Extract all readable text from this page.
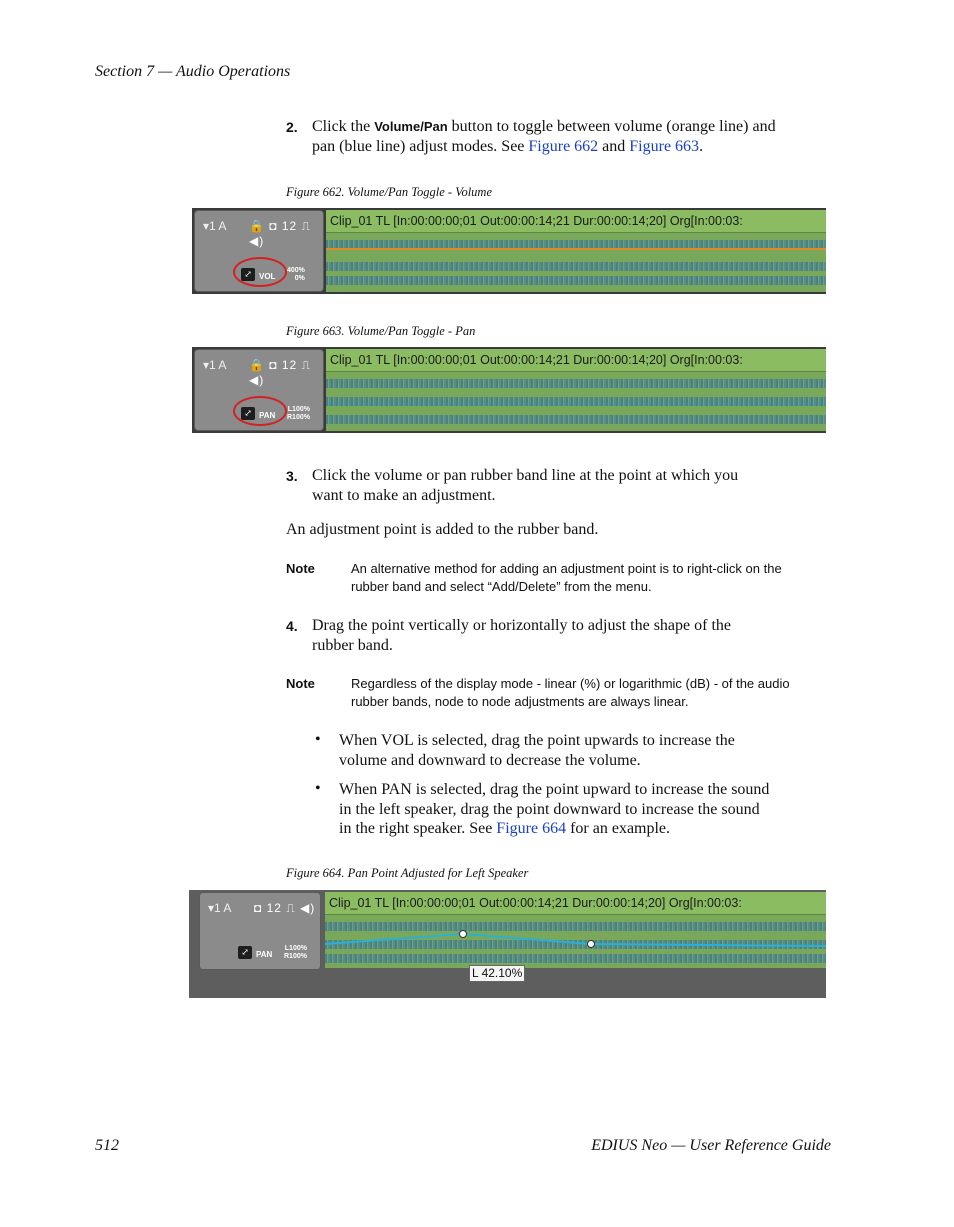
Section 7 — Audio Operations
2. Click the Volume/Pan button to toggle between volume (orange line) and
pan (blue line) adjust modes. See Figure 662 and Figure 663.
Figure 662. Volume/Pan Toggle - Volume
▾1 A 🔒 ◘ 12 ⎍ ◀)
⤢ VOL
400%
0%
Clip_01 TL [In:00:00:00;01 Out:00:00:14;21 Dur:00:00:14;20] Org[In:00:03:
Figure 663. Volume/Pan Toggle - Pan
▾1 A 🔒 ◘ 12 ⎍ ◀)
⤢ PAN
L100%
R100%
Clip_01 TL [In:00:00:00;01 Out:00:00:14;21 Dur:00:00:14;20] Org[In:00:03:
3. Click the volume or pan rubber band line at the point at which you
want to make an adjustment.
An adjustment point is added to the rubber band.
Note	An alternative method for adding an adjustment point is to right-click on the
rubber band and select “Add/Delete” from the menu.
4. Drag the point vertically or horizontally to adjust the shape of the
rubber band.
Note	Regardless of the display mode - linear (%) or logarithmic (dB) - of the audio
rubber bands, node to node adjustments are always linear.
• When VOL is selected, drag the point upwards to increase the
volume and downward to decrease the volume.
• When PAN is selected, drag the point upward to increase the sound
in the left speaker, drag the point downward to increase the sound
in the right speaker. See Figure 664 for an example.
Figure 664. Pan Point Adjusted for Left Speaker
▾1 A ◘ 12 ⎍ ◀)
⤢ PAN
L100%
R100%
Clip_01 TL [In:00:00:00;01 Out:00:00:14;21 Dur:00:00:14;20] Org[In:00:03:
L 42.10%
512	EDIUS Neo — User Reference Guide
